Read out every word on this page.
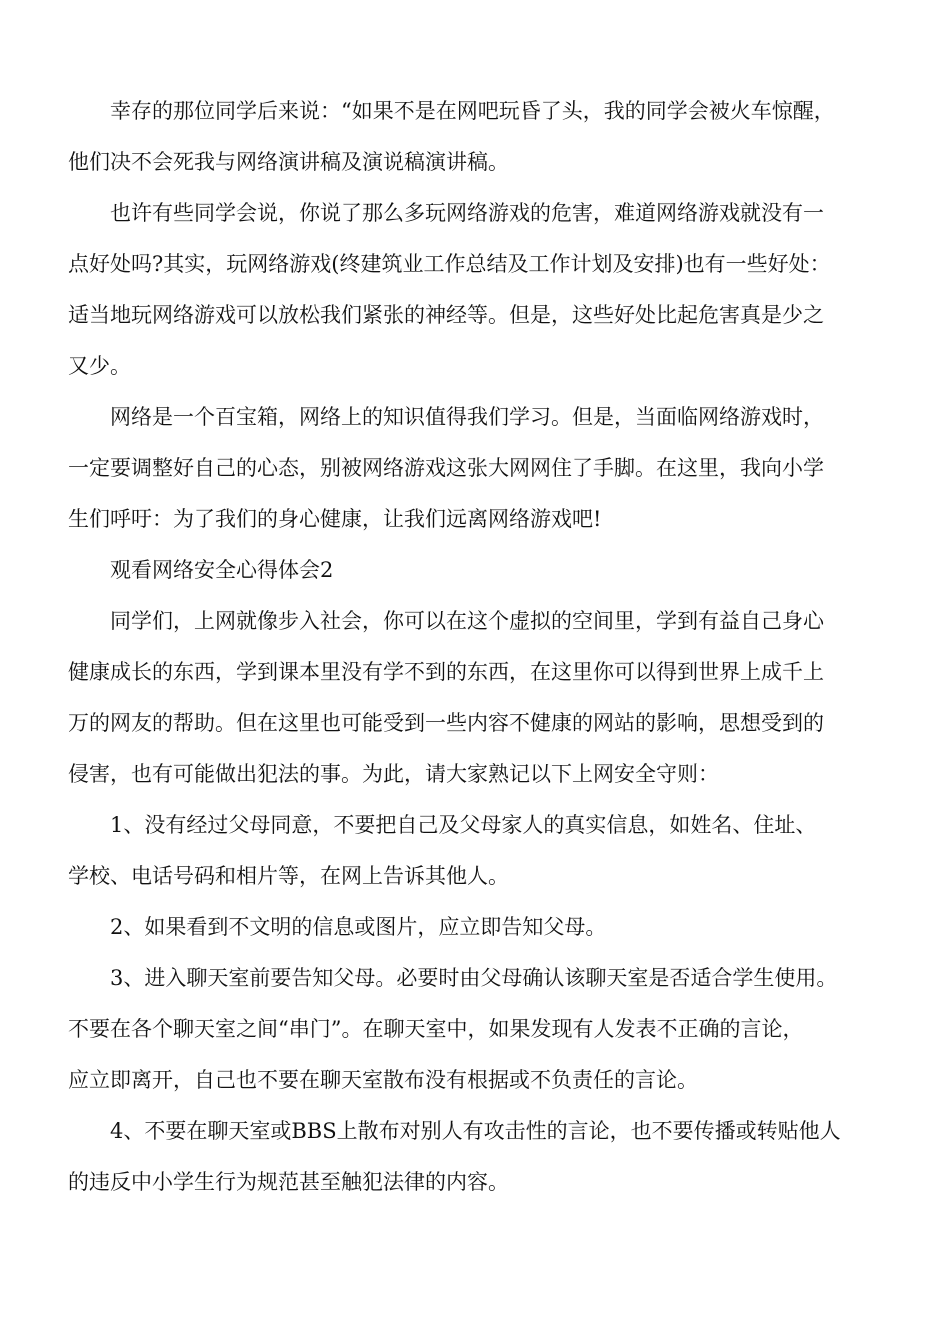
幸存的那位同学后来说：“如果不是在网吧玩昏了头，我的同学会被火车惊醒，
他们决不会死我与网络演讲稿及演说稿演讲稿。
也许有些同学会说，你说了那么多玩网络游戏的危害，难道网络游戏就没有一
点好处吗?其实，玩网络游戏(终建筑业工作总结及工作计划及安排)也有一些好处：
适当地玩网络游戏可以放松我们紧张的神经等。但是，这些好处比起危害真是少之
又少。
网络是一个百宝箱，网络上的知识值得我们学习。但是，当面临网络游戏时，
一定要调整好自己的心态，别被网络游戏这张大网网住了手脚。在这里，我向小学
生们呼吁：为了我们的身心健康，让我们远离网络游戏吧!
观看网络安全心得体会2
同学们，上网就像步入社会，你可以在这个虚拟的空间里，学到有益自己身心
健康成长的东西，学到课本里没有学不到的东西，在这里你可以得到世界上成千上
万的网友的帮助。但在这里也可能受到一些内容不健康的网站的影响，思想受到的
侵害，也有可能做出犯法的事。为此，请大家熟记以下上网安全守则：
1、没有经过父母同意，不要把自己及父母家人的真实信息，如姓名、住址、
学校、电话号码和相片等，在网上告诉其他人。
2、如果看到不文明的信息或图片，应立即告知父母。
3、进入聊天室前要告知父母。必要时由父母确认该聊天室是否适合学生使用。
不要在各个聊天室之间“串门”。在聊天室中，如果发现有人发表不正确的言论，
应立即离开，自己也不要在聊天室散布没有根据或不负责任的言论。
4、不要在聊天室或BBS上散布对别人有攻击性的言论，也不要传播或转贴他人
的违反中小学生行为规范甚至触犯法律的内容。
